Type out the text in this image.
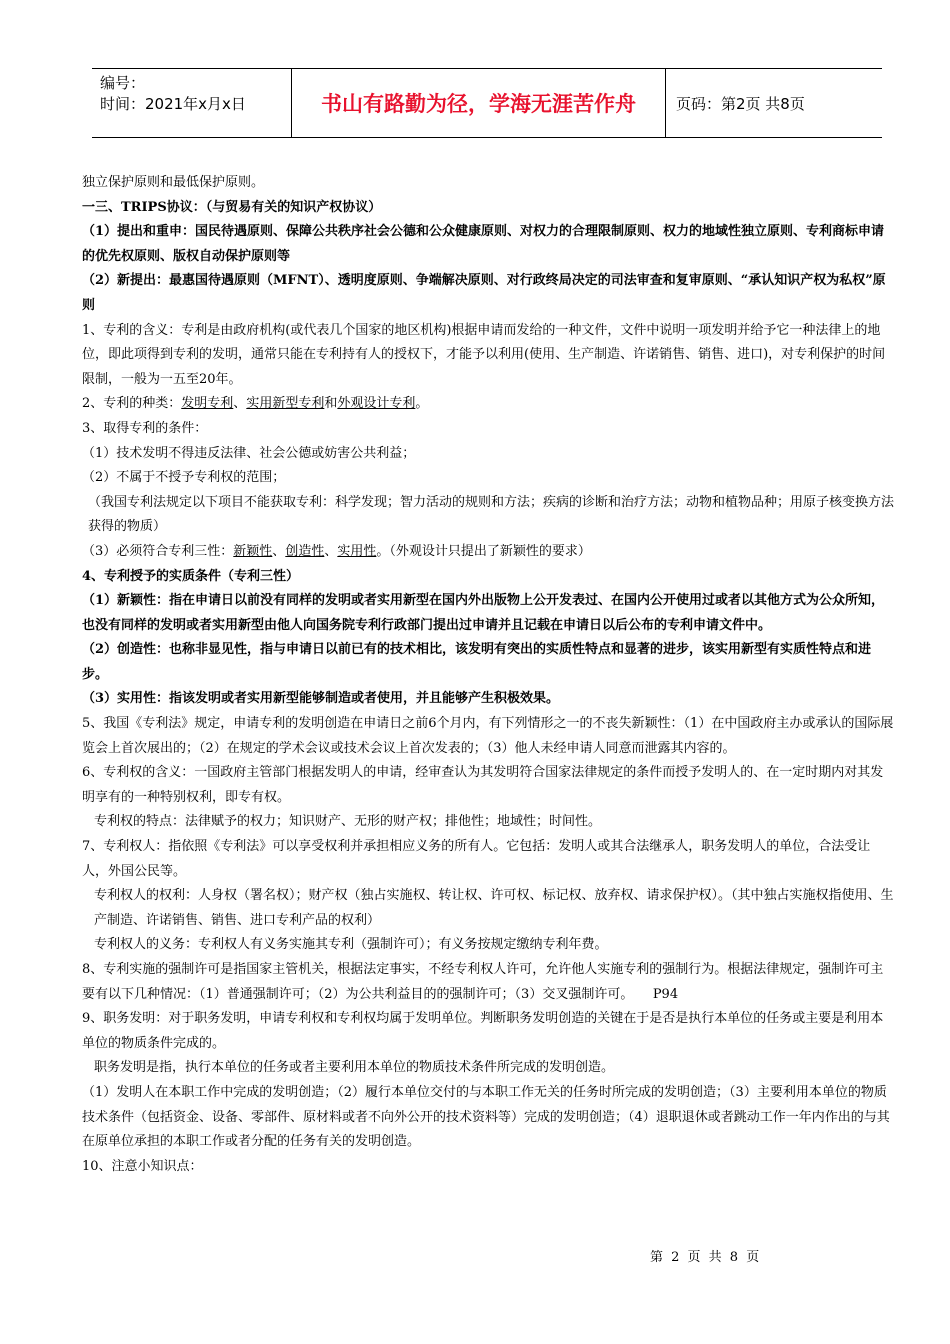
编号：
时间：2021年x月x日	书山有路勤为径，学海无涯苦作舟	页码：第2页 共8页

独立保护原则和最低保护原则。

一三、TRIPS协议：（与贸易有关的知识产权协议）

（1）提出和重申：国民待遇原则、保障公共秩序社会公德和公众健康原则、对权力的合理限制原则、权力的地域性独立原则、专利商标申请的优先权原则、版权自动保护原则等

（2）新提出：最惠国待遇原则（MFNT）、透明度原则、争端解决原则、对行政终局决定的司法审查和复审原则、“承认知识产权为私权”原则

1、专利的含义：专利是由政府机构(或代表几个国家的地区机构)根据申请而发给的一种文件，文件中说明一项发明并给予它一种法律上的地位，即此项得到专利的发明，通常只能在专利持有人的授权下，才能予以利用(使用、生产制造、许诺销售、销售、进口)，对专利保护的时间限制，一般为一五至20年。

2、专利的种类：发明专利、实用新型专利和外观设计专利。

3、取得专利的条件：

（1）技术发明不得违反法律、社会公德或妨害公共利益；

（2）不属于不授予专利权的范围；

（我国专利法规定以下项目不能获取专利：科学发现；智力活动的规则和方法；疾病的诊断和治疗方法；动物和植物品种；用原子核变换方法获得的物质）

（3）必须符合专利三性：新颖性、创造性、实用性。（外观设计只提出了新颖性的要求）

4、专利授予的实质条件（专利三性）

（1）新颖性：指在申请日以前没有同样的发明或者实用新型在国内外出版物上公开发表过、在国内公开使用过或者以其他方式为公众所知，也没有同样的发明或者实用新型由他人向国务院专利行政部门提出过申请并且记载在申请日以后公布的专利申请文件中。

（2）创造性：也称非显见性，指与申请日以前已有的技术相比，该发明有突出的实质性特点和显著的进步，该实用新型有实质性特点和进步。

（3）实用性：指该发明或者实用新型能够制造或者使用，并且能够产生积极效果。

5、我国《专利法》规定，申请专利的发明创造在申请日之前6个月内，有下列情形之一的不丧失新颖性：（1）在中国政府主办或承认的国际展览会上首次展出的；（2）在规定的学术会议或技术会议上首次发表的；（3）他人未经申请人同意而泄露其内容的。

6、专利权的含义：一国政府主管部门根据发明人的申请，经审查认为其发明符合国家法律规定的条件而授予发明人的、在一定时期内对其发明享有的一种特别权利，即专有权。

专利权的特点：法律赋予的权力；知识财产、无形的财产权；排他性；地域性；时间性。

7、专利权人：指依照《专利法》可以享受权利并承担相应义务的所有人。它包括：发明人或其合法继承人，职务发明人的单位，合法受让人，外国公民等。

专利权人的权利：人身权（署名权）；财产权（独占实施权、转让权、许可权、标记权、放弃权、请求保护权）。（其中独占实施权指使用、生产制造、许诺销售、销售、进口专利产品的权利）

专利权人的义务：专利权人有义务实施其专利（强制许可）；有义务按规定缴纳专利年费。

8、专利实施的强制许可是指国家主管机关，根据法定事实，不经专利权人许可，允许他人实施专利的强制行为。根据法律规定，强制许可主要有以下几种情况：（1）普通强制许可；（2）为公共利益目的的强制许可；（3）交叉强制许可。　　P94

9、职务发明：对于职务发明，申请专利权和专利权均属于发明单位。判断职务发明创造的关键在于是否是执行本单位的任务或主要是利用本单位的物质条件完成的。

职务发明是指，执行本单位的任务或者主要利用本单位的物质技术条件所完成的发明创造。

（1）发明人在本职工作中完成的发明创造；（2）履行本单位交付的与本职工作无关的任务时所完成的发明创造；（3）主要利用本单位的物质技术条件（包括资金、设备、零部件、原材料或者不向外公开的技术资料等）完成的发明创造；（4）退职退休或者跳动工作一年内作出的与其在原单位承担的本职工作或者分配的任务有关的发明创造。

10、注意小知识点：

第 2 页 共 8 页
